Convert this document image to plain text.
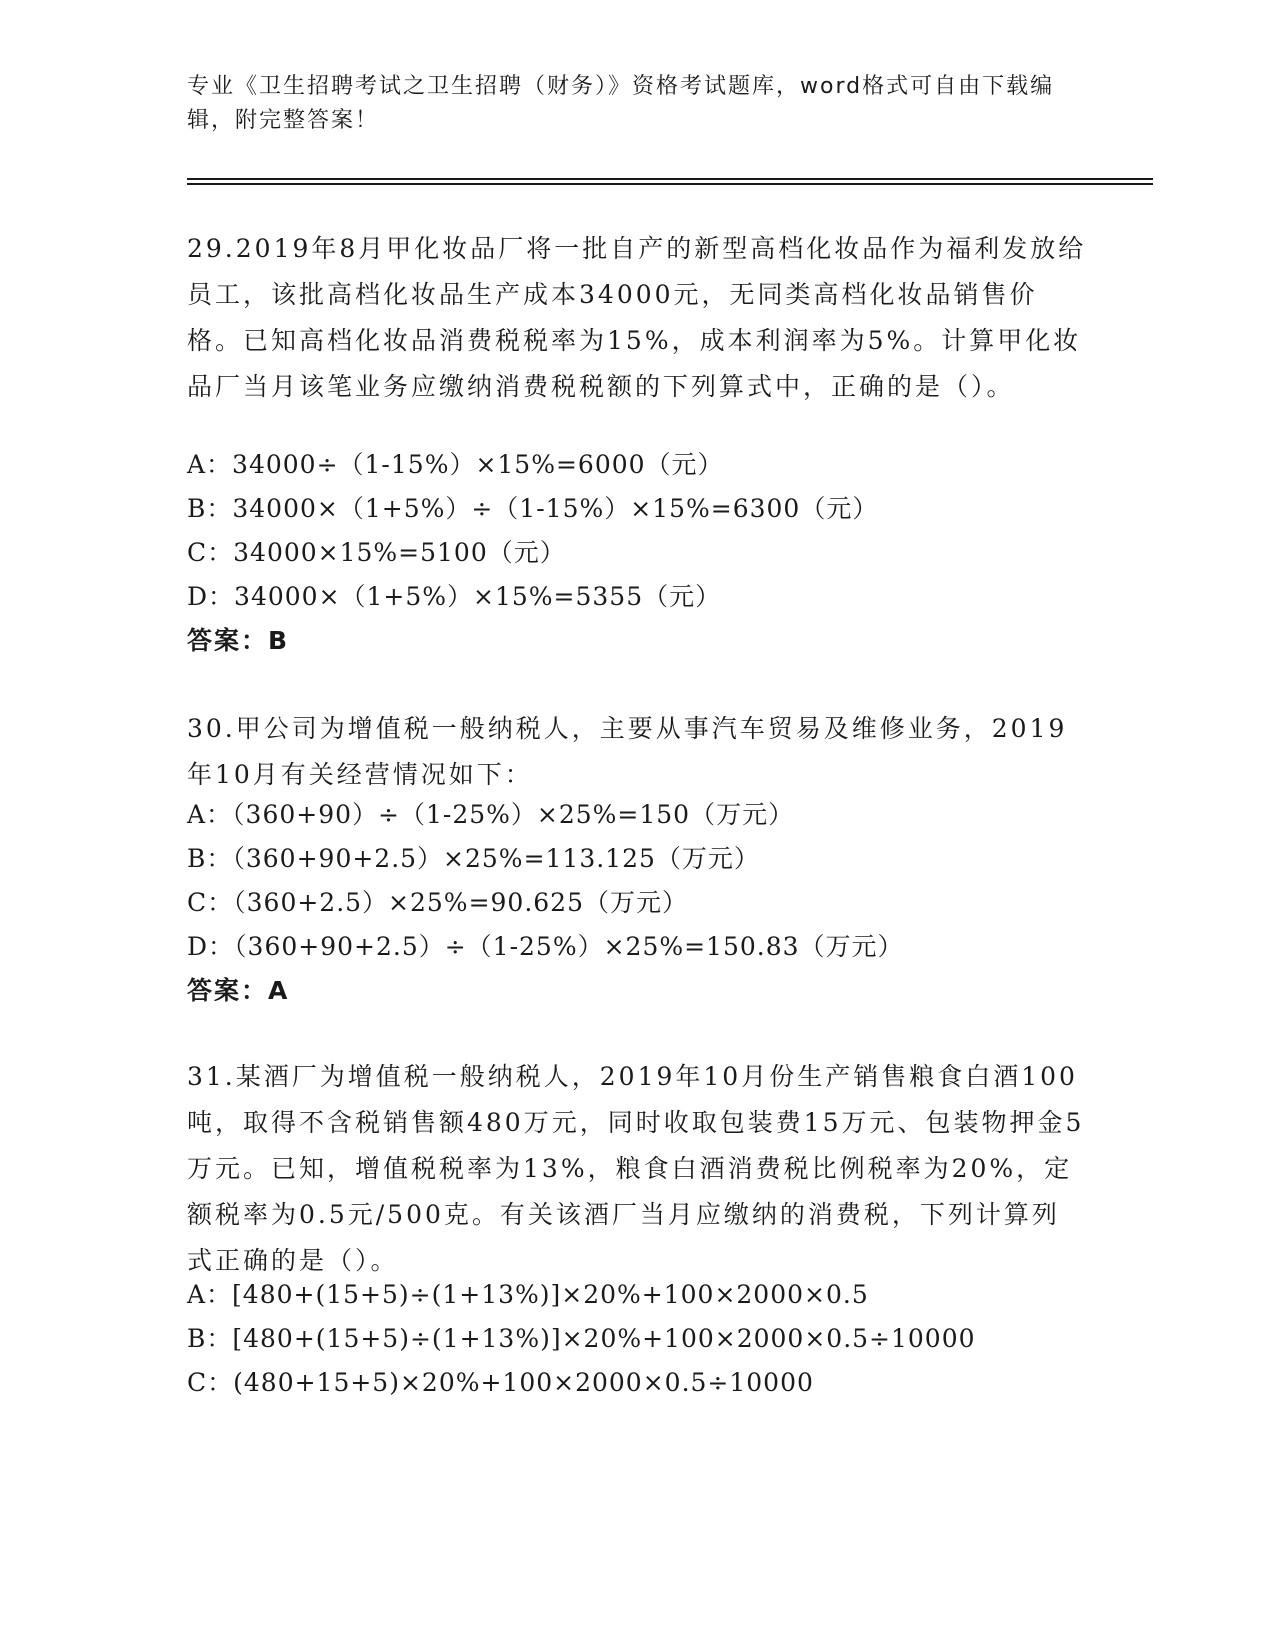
专业《卫生招聘考试之卫生招聘（财务）》资格考试题库，word格式可自由下载编辑，附完整答案！
29.2019年8月甲化妆品厂将一批自产的新型高档化妆品作为福利发放给员工，该批高档化妆品生产成本34000元，无同类高档化妆品销售价格。已知高档化妆品消费税税率为15%，成本利润率为5%。计算甲化妆品厂当月该笔业务应缴纳消费税税额的下列算式中，正确的是（）。
A：34000÷（1-15%）×15%=6000（元）
B：34000×（1+5%）÷（1-15%）×15%=6300（元）
C：34000×15%=5100（元）
D：34000×（1+5%）×15%=5355（元）
答案：B
30.甲公司为增值税一般纳税人，主要从事汽车贸易及维修业务，2019年10月有关经营情况如下：
A：（360+90）÷（1-25%）×25%=150（万元）
B：（360+90+2.5）×25%=113.125（万元）
C：（360+2.5）×25%=90.625（万元）
D：（360+90+2.5）÷（1-25%）×25%=150.83（万元）
答案：A
31.某酒厂为增值税一般纳税人，2019年10月份生产销售粮食白酒100吨，取得不含税销售额480万元，同时收取包装费15万元、包装物押金5万元。已知，增值税税率为13%，粮食白酒消费税比例税率为20%，定额税率为0.5元/500克。有关该酒厂当月应缴纳的消费税，下列计算列式正确的是（）。
A：[480+(15+5)÷(1+13%)]×20%+100×2000×0.5
B：[480+(15+5)÷(1+13%)]×20%+100×2000×0.5÷10000
C：(480+15+5)×20%+100×2000×0.5÷10000
